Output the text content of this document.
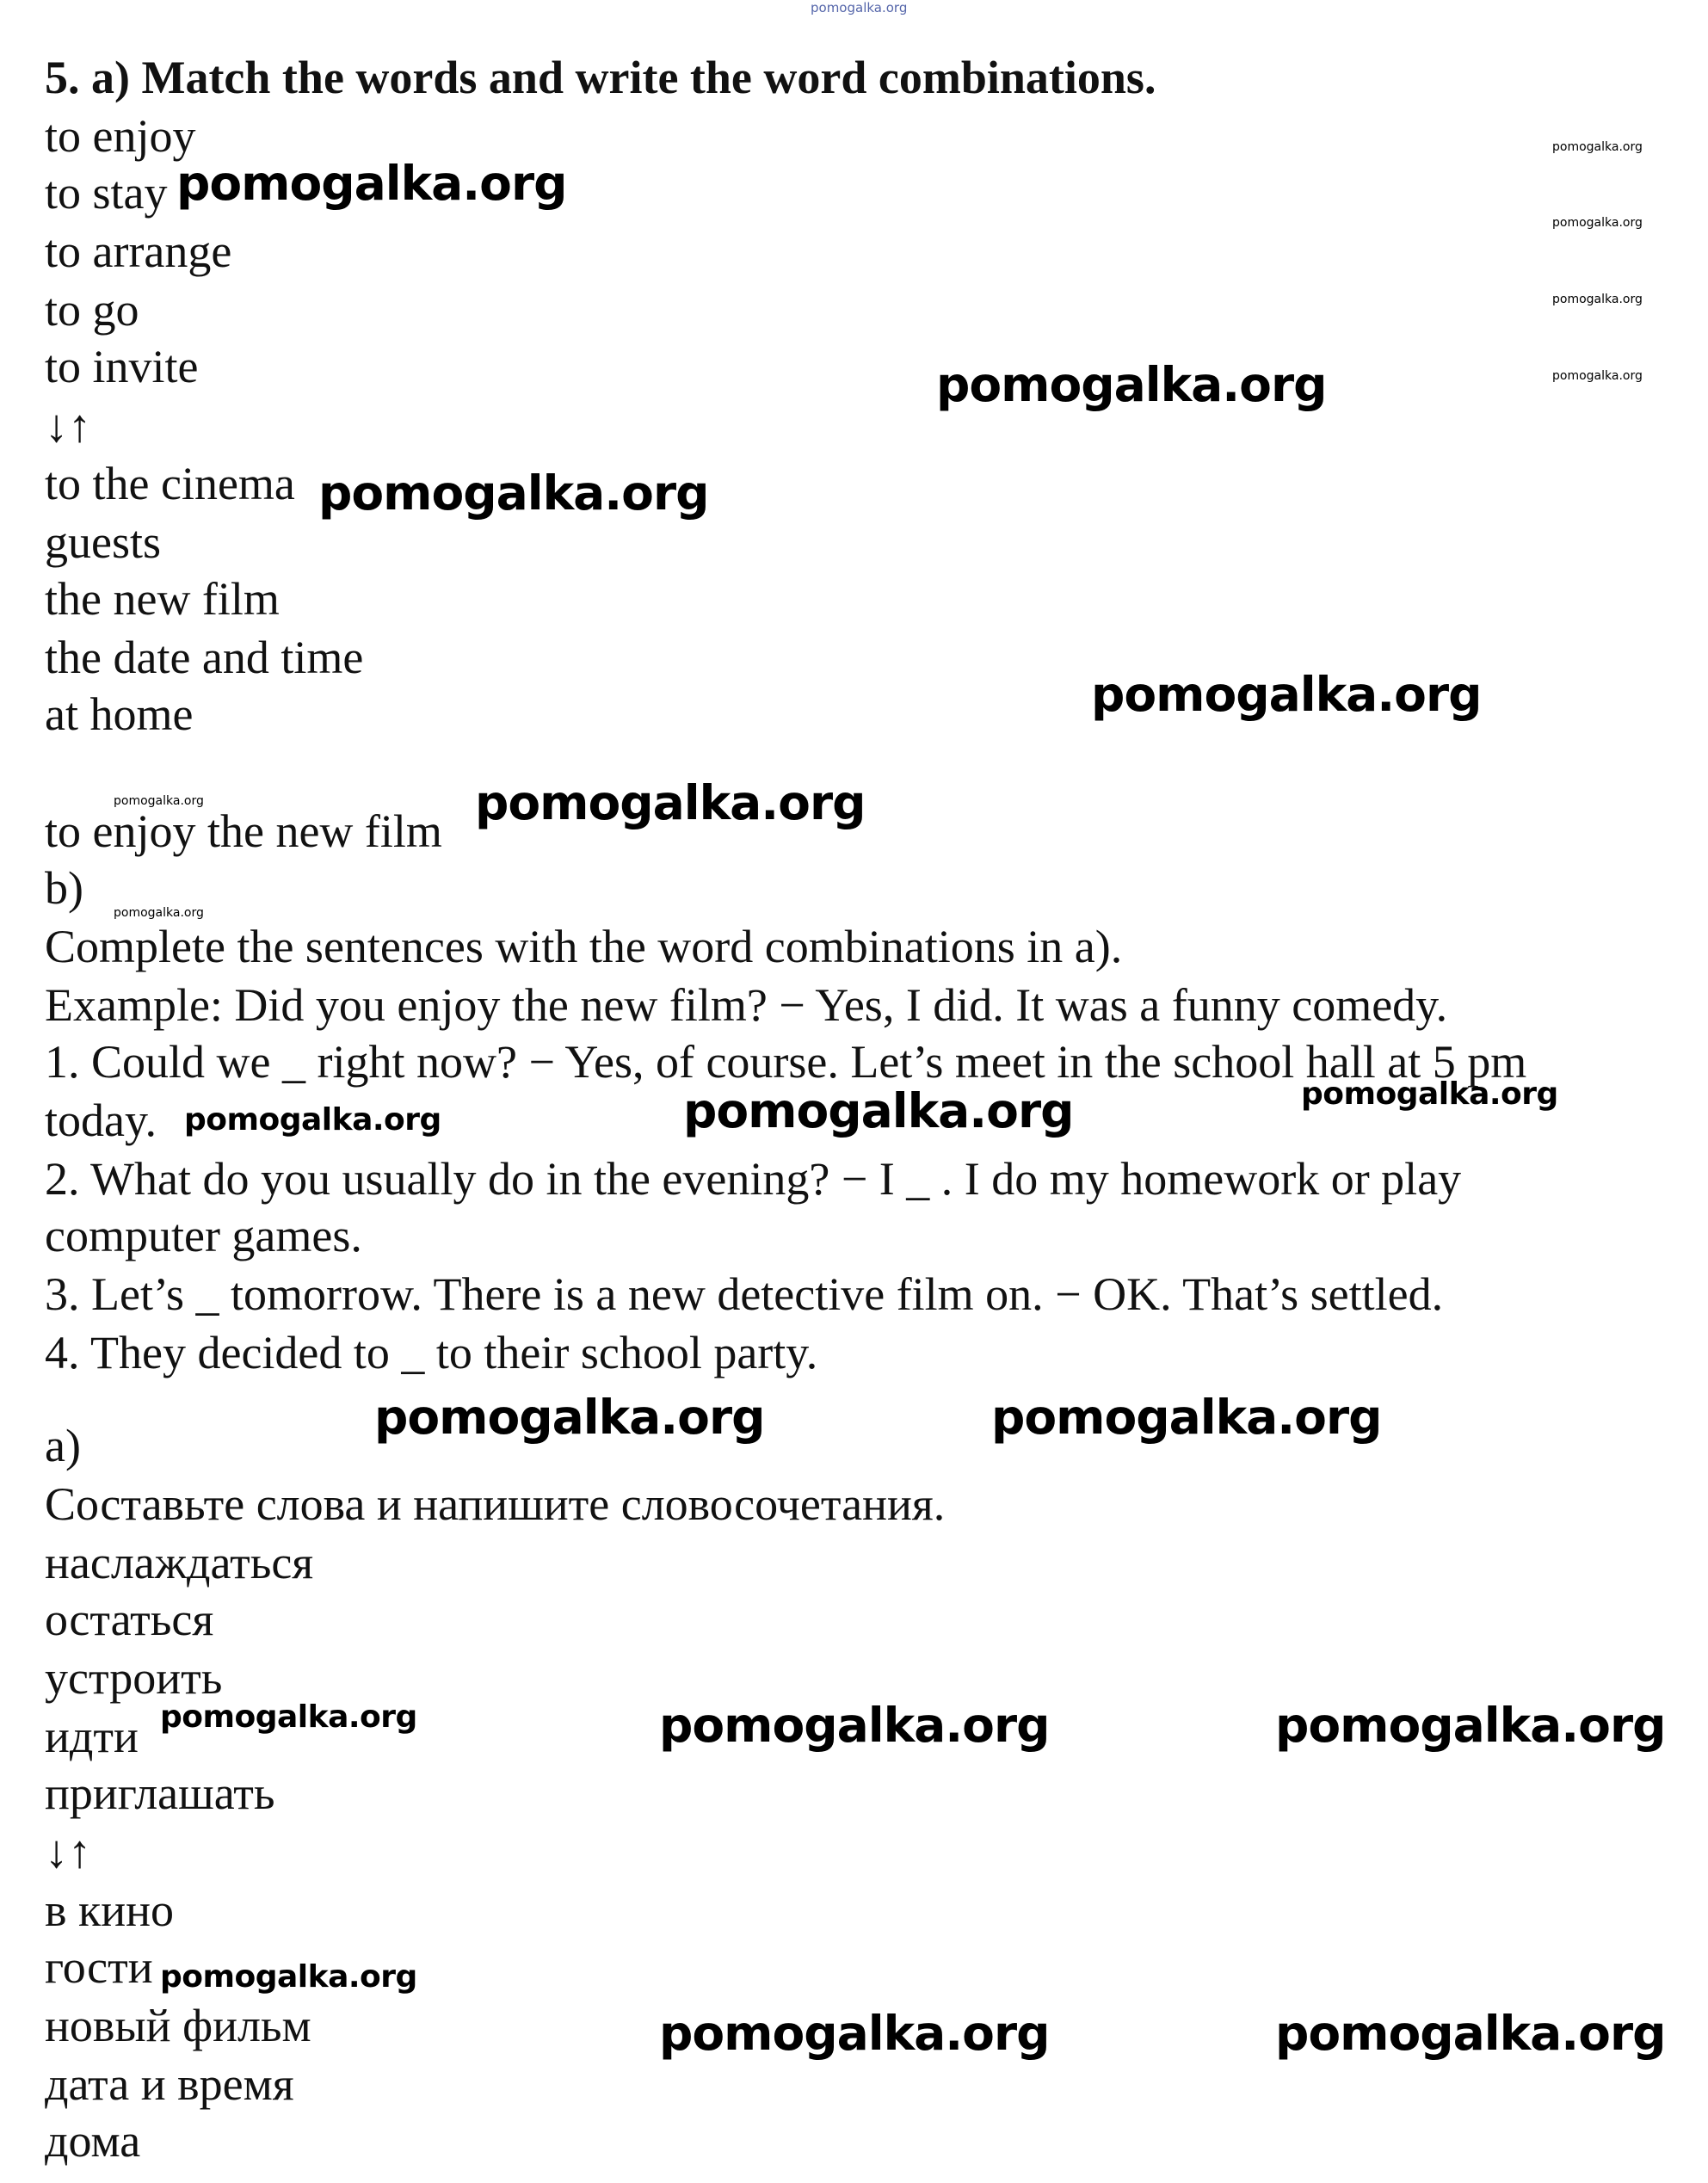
pomogalka.org
5. a) Match the words and write the word combinations.
to enjoy
to stay
to arrange
to go
to invite
↓↑
to the cinema
guests
the new film
the date and time
at home
to enjoy the new film
b)
Complete the sentences with the word combinations in a).
Example: Did you enjoy the new film? − Yes, I did. It was a funny comedy.
1. Could we _ right now? − Yes, of course. Let’s meet in the school hall at 5 pm
today.
2. What do you usually do in the evening? − I _ . I do my homework or play
computer games.
3. Let’s _ tomorrow. There is a new detective film on. − OK. That’s settled.
4. They decided to _ to their school party.
а)
Составьте слова и напишите словосочетания.
наслаждаться
остаться
устроить
идти
приглашать
↓↑
в кино
гости
новый фильм
дата и время
дома
pomogalka.org
pomogalka.org
pomogalka.org
pomogalka.org
pomogalka.org
pomogalka.org
pomogalka.org	pomogalka.org
pomogalka.org	pomogalka.org
pomogalka.org	pomogalka.org
pomogalka.org
pomogalka.org
pomogalka.org
pomogalka.org
pomogalka.org
pomogalka.org
pomogalka.org
pomogalka.org
pomogalka.org
pomogalka.org
